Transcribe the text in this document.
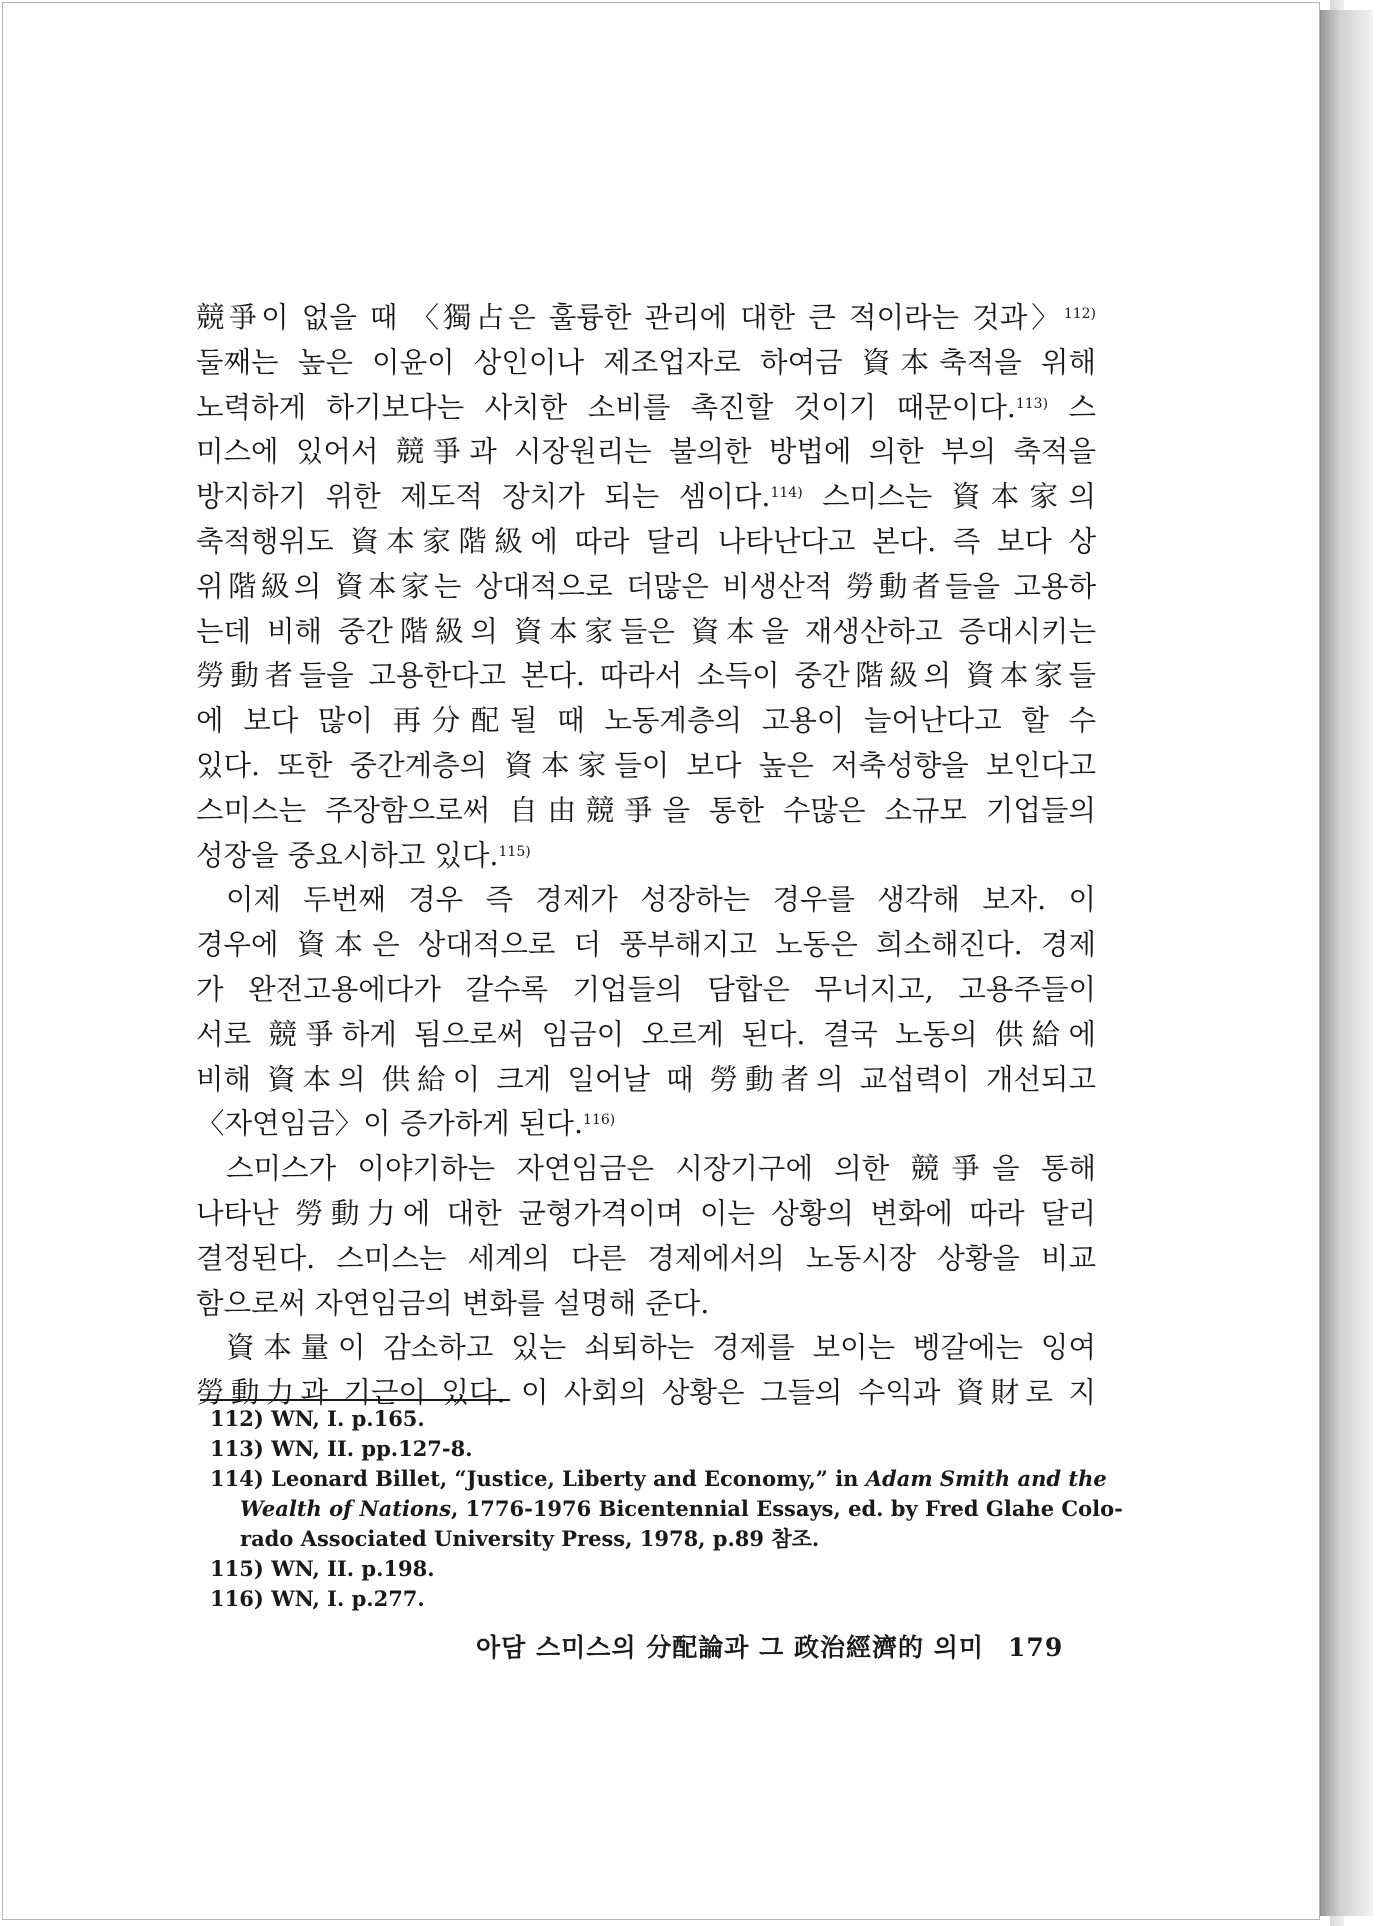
競爭이 없을 때 〈獨占은 훌륭한 관리에 대한 큰 적이라는 것과〉$^{112)}$
둘째는 높은 이윤이 상인이나 제조업자로 하여금 資本축적을 위해
노력하게 하기보다는 사치한 소비를 촉진할 것이기 때문이다.$^{113)}$ 스
미스에 있어서 競爭과 시장원리는 불의한 방법에 의한 부의 축적을
방지하기 위한 제도적 장치가 되는 셈이다.$^{114)}$ 스미스는 資本家의
축적행위도 資本家階級에 따라 달리 나타난다고 본다. 즉 보다 상
위階級의 資本家는 상대적으로 더많은 비생산적 勞動者들을 고용하
는데 비해 중간階級의 資本家들은 資本을 재생산하고 증대시키는
勞動者들을 고용한다고 본다. 따라서 소득이 중간階級의 資本家들
에 보다 많이 再分配될 때 노동계층의 고용이 늘어난다고 할 수
있다. 또한 중간계층의 資本家들이 보다 높은 저축성향을 보인다고
스미스는 주장함으로써 自由競爭을 통한 수많은 소규모 기업들의
성장을 중요시하고 있다.$^{115)}$
이제 두번째 경우 즉 경제가 성장하는 경우를 생각해 보자. 이
경우에 資本은 상대적으로 더 풍부해지고 노동은 희소해진다. 경제
가 완전고용에다가 갈수록 기업들의 담합은 무너지고, 고용주들이
서로 競爭하게 됨으로써 임금이 오르게 된다. 결국 노동의 供給에
비해 資本의 供給이 크게 일어날 때 勞動者의 교섭력이 개선되고
〈자연임금〉이 증가하게 된다.$^{116)}$
스미스가 이야기하는 자연임금은 시장기구에 의한 競爭을 통해
나타난 勞動力에 대한 균형가격이며 이는 상황의 변화에 따라 달리
결정된다. 스미스는 세계의 다른 경제에서의 노동시장 상황을 비교
함으로써 자연임금의 변화를 설명해 준다.
資本量이 감소하고 있는 쇠퇴하는 경제를 보이는 벵갈에는 잉여
勞動力과 기근이 있다. 이 사회의 상황은 그들의 수익과 資財로 지
112) WN, I. p.165.
113) WN, II. pp.127-8.
114) Leonard Billet, “Justice, Liberty and Economy,” in Adam Smith and the
Wealth of Nations, 1776-1976 Bicentennial Essays, ed. by Fred Glahe Colo-
rado Associated University Press, 1978, p.89 참조.
115) WN, II. p.198.
116) WN, I. p.277.
아담 스미스의 分配論과 그 政治經濟的 의미 179
